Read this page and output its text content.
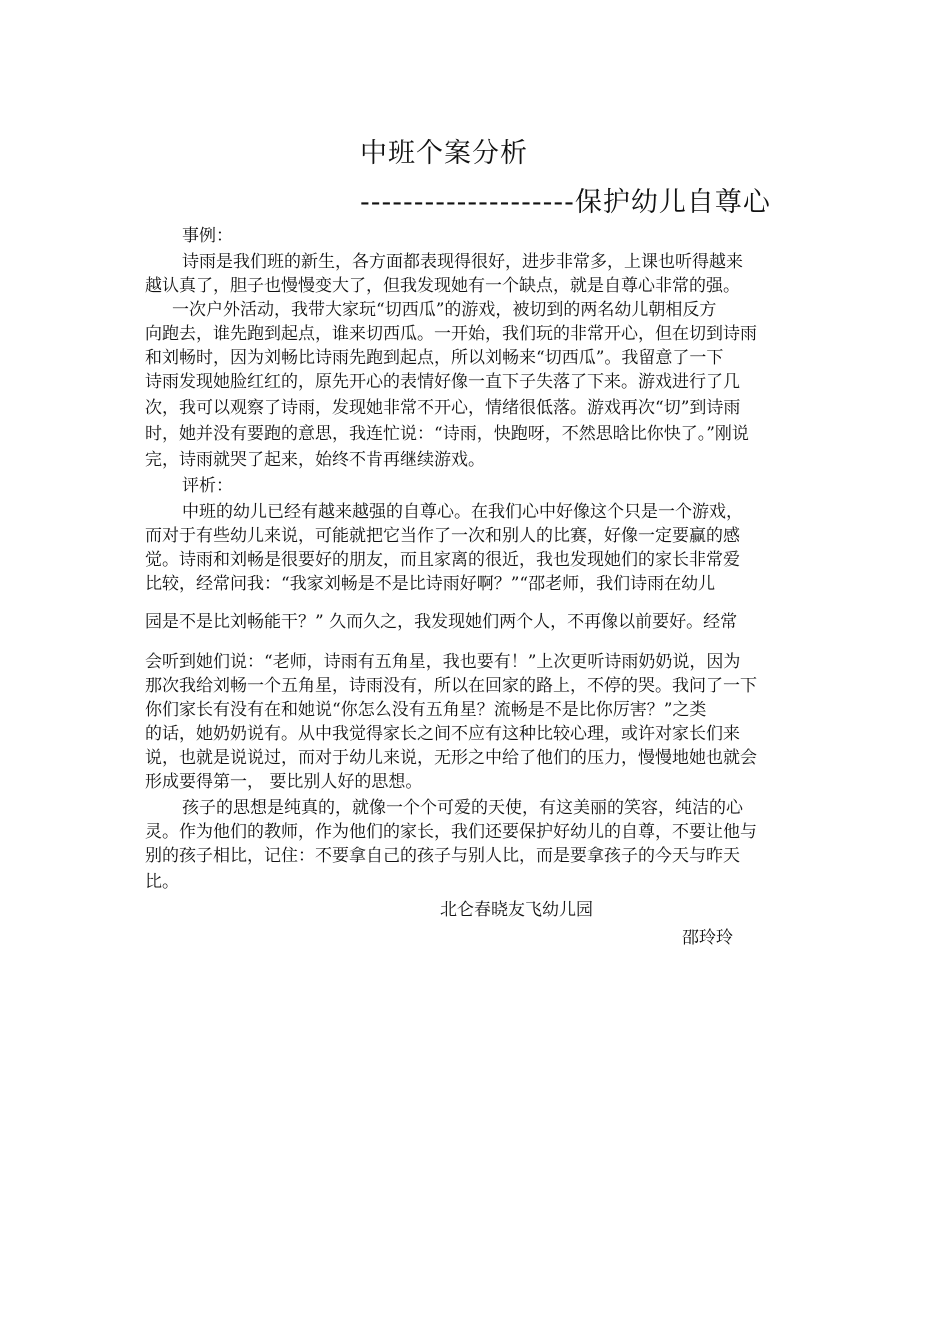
中班个案分析
--------------------保护幼儿自尊心
事例：
诗雨是我们班的新生，各方面都表现得很好，进步非常多，上课也听得越来
越认真了，胆子也慢慢变大了，但我发现她有一个缺点，就是自尊心非常的强。
一次户外活动，我带大家玩“切西瓜”的游戏，被切到的两名幼儿朝相反方
向跑去，谁先跑到起点，谁来切西瓜。一开始，我们玩的非常开心，但在切到诗雨
和刘畅时，因为刘畅比诗雨先跑到起点，所以刘畅来“切西瓜”。我留意了一下
诗雨发现她脸红红的，原先开心的表情好像一直下子失落了下来。游戏进行了几
次，我可以观察了诗雨，发现她非常不开心，情绪很低落。游戏再次“切”到诗雨
时，她并没有要跑的意思，我连忙说：“诗雨，快跑呀，不然思晗比你快了。”刚说
完，诗雨就哭了起来，始终不肯再继续游戏。
评析：
中班的幼儿已经有越来越强的自尊心。在我们心中好像这个只是一个游戏，
而对于有些幼儿来说，可能就把它当作了一次和别人的比赛，好像一定要赢的感
觉。诗雨和刘畅是很要好的朋友，而且家离的很近，我也发现她们的家长非常爱
比较，经常问我：“我家刘畅是不是比诗雨好啊？”“邵老师，我们诗雨在幼儿
园是不是比刘畅能干？” 久而久之，我发现她们两个人，不再像以前要好。经常
会听到她们说：“老师，诗雨有五角星，我也要有！”上次更听诗雨奶奶说，因为
那次我给刘畅一个五角星，诗雨没有，所以在回家的路上，不停的哭。我问了一下
你们家长有没有在和她说“你怎么没有五角星？流畅是不是比你厉害？”之类
的话，她奶奶说有。从中我觉得家长之间不应有这种比较心理，或许对家长们来
说，也就是说说过，而对于幼儿来说，无形之中给了他们的压力，慢慢地她也就会
形成要得第一， 要比别人好的思想。
孩子的思想是纯真的，就像一个个可爱的天使，有这美丽的笑容，纯洁的心
灵。作为他们的教师，作为他们的家长，我们还要保护好幼儿的自尊，不要让他与
别的孩子相比，记住：不要拿自己的孩子与别人比，而是要拿孩子的今天与昨天
比。
北仑春晓友飞幼儿园
邵玲玲
